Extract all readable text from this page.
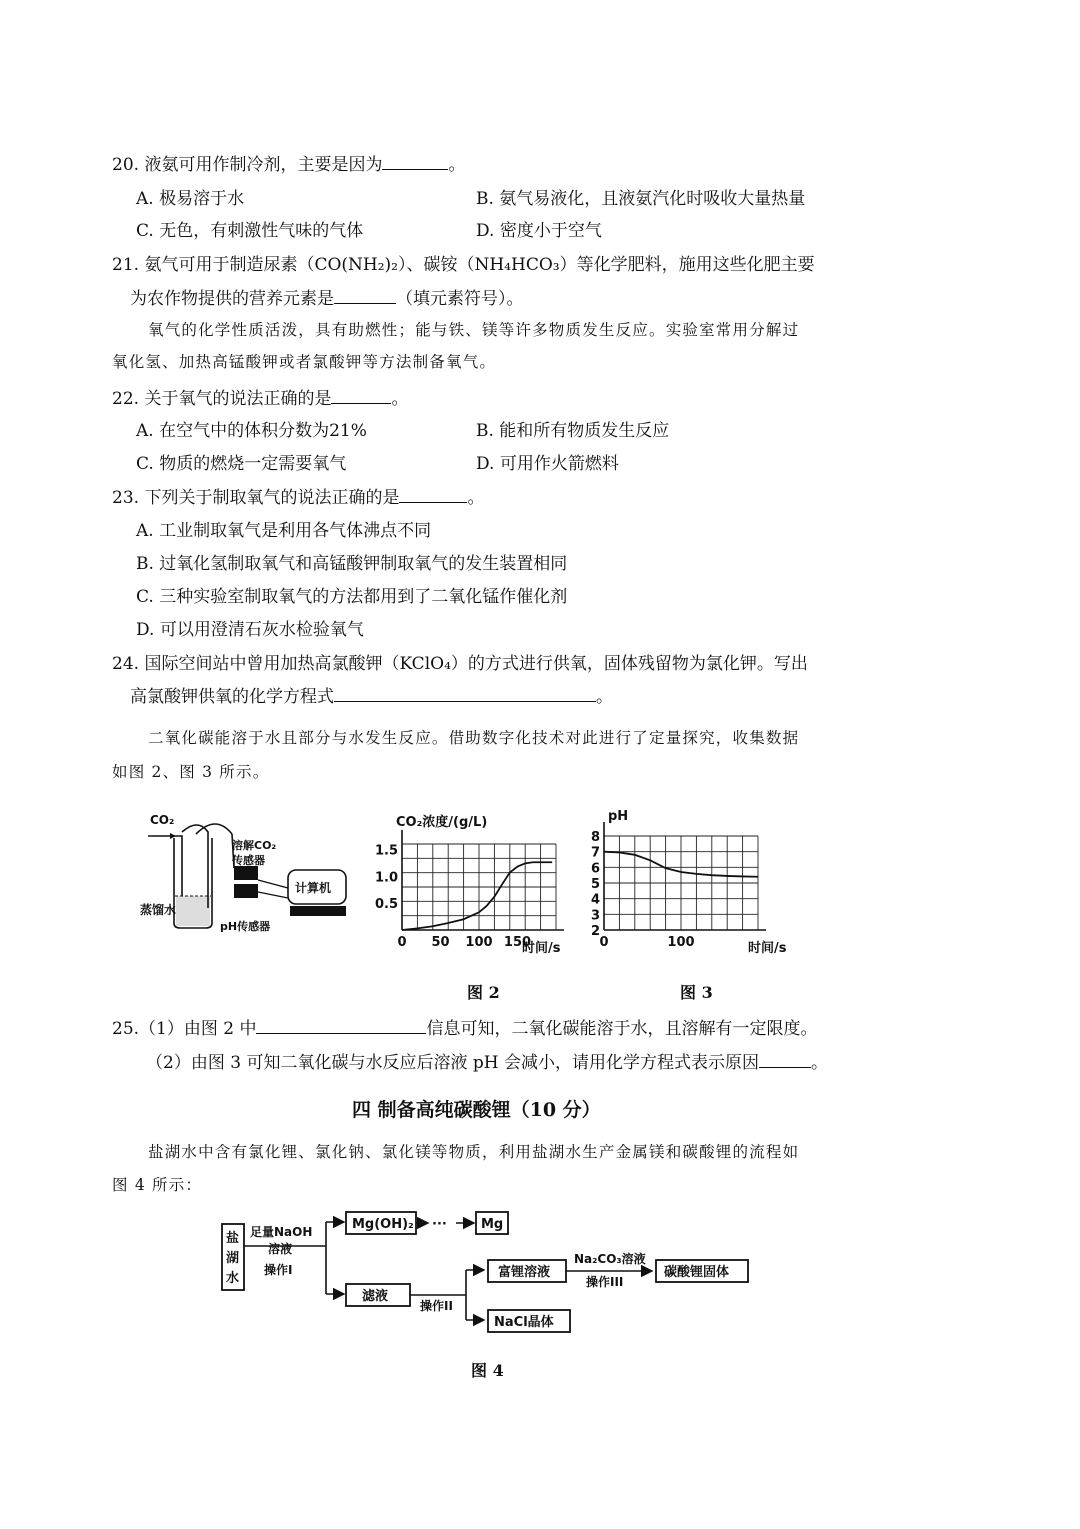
20. 液氨可用作制冷剂，主要是因为	。
A. 极易溶于水	B. 氨气易液化，且液氨汽化时吸收大量热量
C. 无色，有刺激性气味的气体	D. 密度小于空气
21. 氨气可用于制造尿素（CO(NH₂)₂）、碳铵（NH₄HCO₃）等化学肥料，施用这些化肥主要
为农作物提供的营养元素是	（填元素符号）。
氧气的化学性质活泼，具有助燃性；能与铁、镁等许多物质发生反应。实验室常用分解过
氧化氢、加热高锰酸钾或者氯酸钾等方法制备氧气。
22. 关于氧气的说法正确的是	。
A. 在空气中的体积分数为21%	B. 能和所有物质发生反应
C. 物质的燃烧一定需要氧气	D. 可用作火箭燃料
23. 下列关于制取氧气的说法正确的是	。
A. 工业制取氧气是利用各气体沸点不同
B. 过氧化氢制取氧气和高锰酸钾制取氧气的发生装置相同
C. 三种实验室制取氧气的方法都用到了二氧化锰作催化剂
D. 可以用澄清石灰水检验氧气
24. 国际空间站中曾用加热高氯酸钾（KClO₄）的方式进行供氧，固体残留物为氯化钾。写出
高氯酸钾供氧的化学方程式	。
二氧化碳能溶于水且部分与水发生反应。借助数字化技术对此进行了定量探究，收集数据
如图 2、图 3 所示。
CO₂
蒸馏水
溶解CO₂
传感器
pH传感器
计算机
CO₂浓度/(g/L)
时间/s
0 50 100 150
0.5
1.0
1.5
pH
时间/s
0	100
2
3
4
5
6
7
8
图 2	图 3
25.（1）由图 2 中	信息可知，二氧化碳能溶于水，且溶解有一定限度。
（2）由图 3 可知二氧化碳与水反应后溶液 pH 会减小，请用化学方程式表示原因	。
四 制备高纯碳酸锂（10 分）
盐湖水中含有氯化锂、氯化钠、氯化镁等物质，利用盐湖水生产金属镁和碳酸锂的流程如
图 4 所示：
盐
湖
水
足量NaOH
溶液
操作I
Mg(OH)₂ ···	Mg
滤液
操作II
富锂溶液
Na₂CO₃溶液
操作III
碳酸锂固体
NaCl晶体
图 4
